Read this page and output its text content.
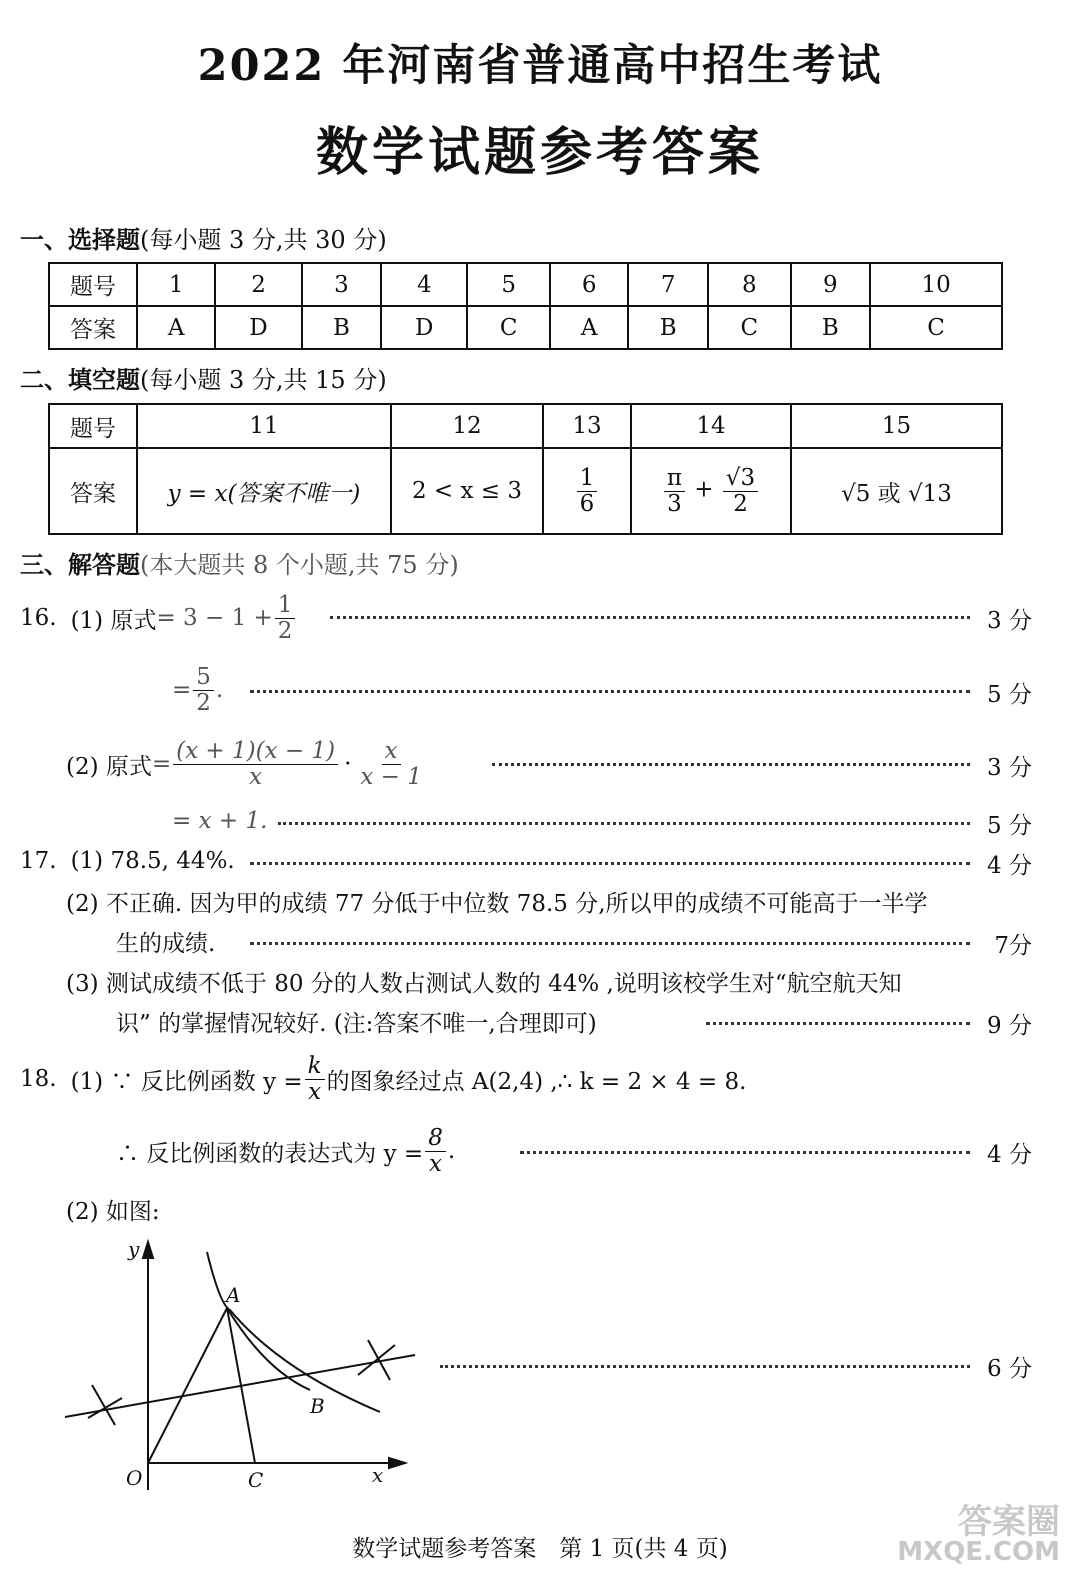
2022 年河南省普通高中招生考试
数学试题参考答案
一、选择题(每小题 3 分,共 30 分)
题号	1	2	3	4	5	6	7	8	9	10
答案	A	D	B	D	C	A	B	C	B	C
二、填空题(每小题 3 分,共 15 分)
题号	11	12	13	14	15
答案	y = x(答案不唯一)	2 < x ≤ 3	$\frac{1}{6}$	$\frac{\pi}{3} + \frac{√3}{2}$	√5 或 √13
三、解答题(本大题共 8 个小题,共 75 分)
16. (1) 原式 = $3 - 1 + \frac{1}{2}$	3 分
= $\frac{5}{2}$ .	5 分
(2) 原式 = $\frac{(x + 1)(x - 1)}{x} \cdot \frac{x}{x - 1}$	3 分
= x + 1.	5 分
17. (1) 78.5, 44%.	4 分
(2) 不正确. 因为甲的成绩 77 分低于中位数 78.5 分,所以甲的成绩不可能高于一半学
生的成绩.	7分
(3) 测试成绩不低于 80 分的人数占测试人数的 44% ,说明该校学生对“航空航天知
识” 的掌握情况较好. (注:答案不唯一,合理即可)	9 分
18. (1) ∵ 反比例函数 $y = \frac{k}{x}$ 的图象经过点 A(2,4) ,∴ k = 2 × 4 = 8.
∴ 反比例函数的表达式为 $y = \frac{8}{x}$ .	4 分
(2) 如图:
y
x
O
A
B
C
6 分
数学试题参考答案　第 1 页(共 4 页)
答案圈
MXQE.COM
